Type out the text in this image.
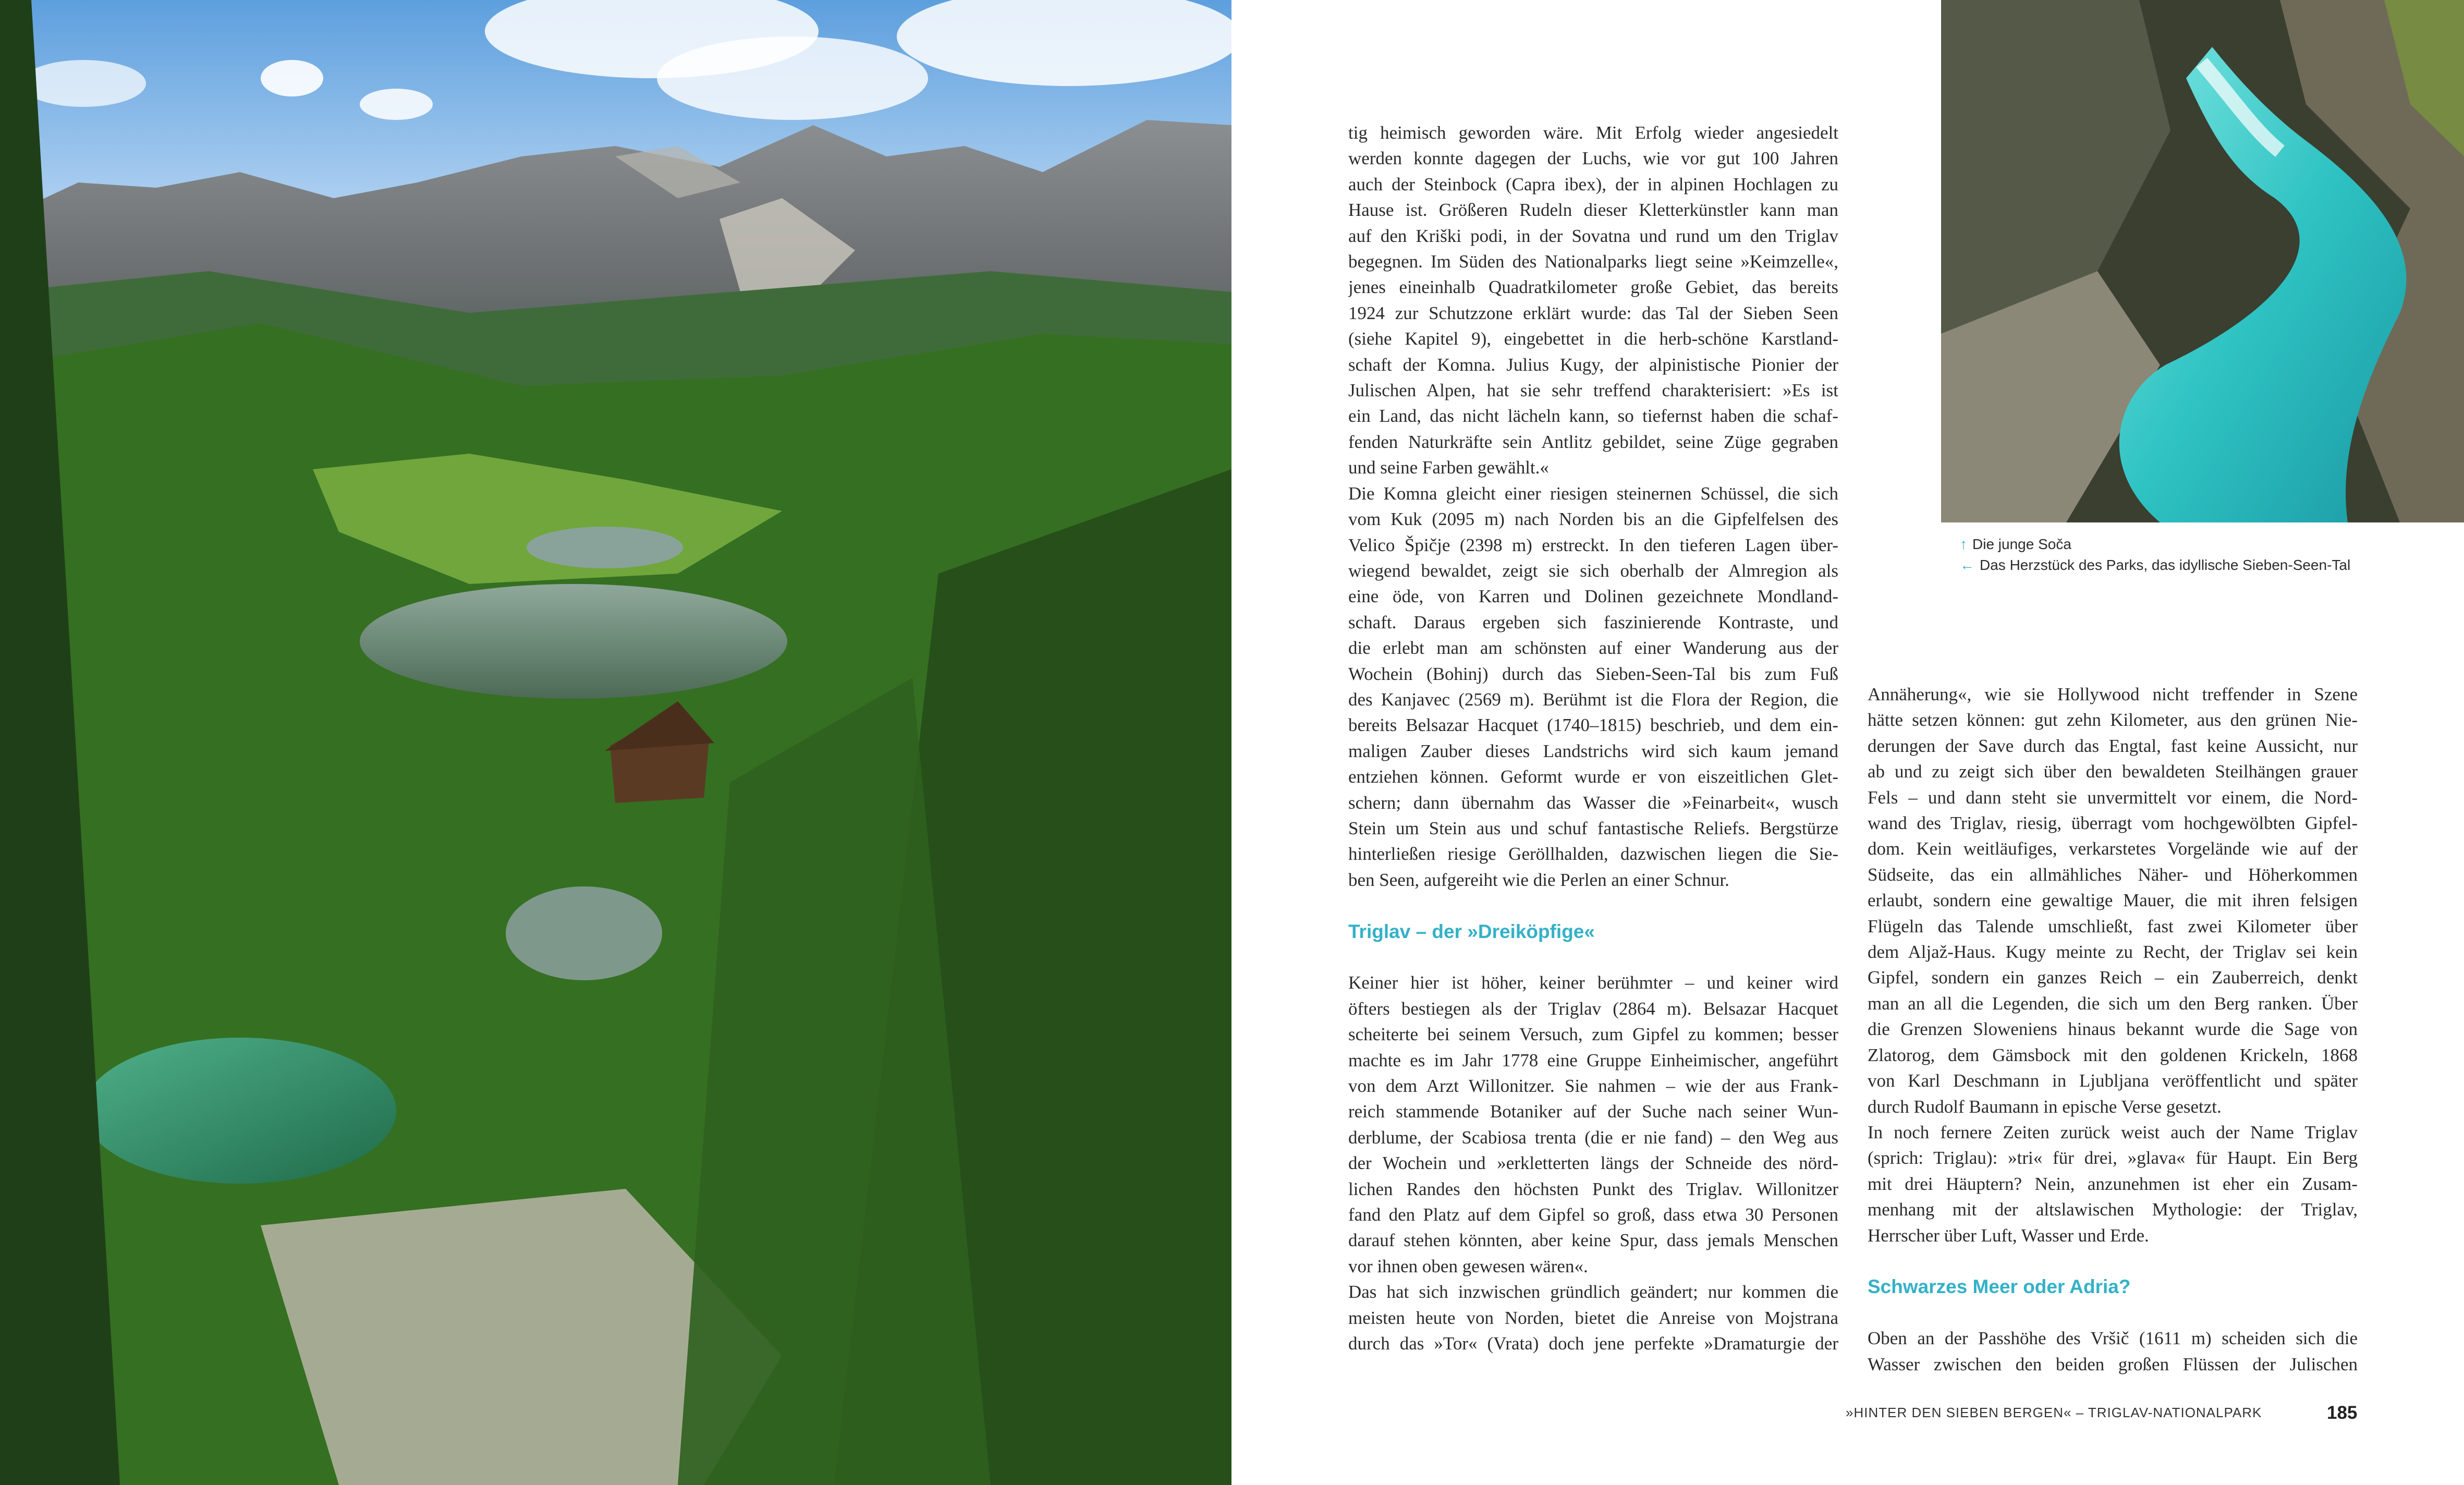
↑ Die junge Soča
← Das Herzstück des Parks, das idyllische Sieben-Seen-Tal
tig heimisch geworden wäre. Mit Erfolg wieder angesiedelt
werden konnte dagegen der Luchs, wie vor gut 100 Jahren
auch der Steinbock (Capra ibex), der in alpinen Hochlagen zu
Hause ist. Größeren Rudeln dieser Kletterkünstler kann man
auf den Kriški podi, in der Sovatna und rund um den Triglav
begegnen. Im Süden des Nationalparks liegt seine »Keimzelle«,
jenes eineinhalb Quadratkilometer große Gebiet, das bereits
1924 zur Schutzzone erklärt wurde: das Tal der Sieben Seen
(siehe Kapitel 9), eingebettet in die herb-schöne Karstland-
schaft der Komna. Julius Kugy, der alpinistische Pionier der
Julischen Alpen, hat sie sehr treffend charakterisiert: »Es ist
ein Land, das nicht lächeln kann, so tiefernst haben die schaf-
fenden Naturkräfte sein Antlitz gebildet, seine Züge gegraben
und seine Farben gewählt.«
Die Komna gleicht einer riesigen steinernen Schüssel, die sich
vom Kuk (2095 m) nach Norden bis an die Gipfelfelsen des
Velico Špičje (2398 m) erstreckt. In den tieferen Lagen über-
wiegend bewaldet, zeigt sie sich oberhalb der Almregion als
eine öde, von Karren und Dolinen gezeichnete Mondland-
schaft. Daraus ergeben sich faszinierende Kontraste, und
die erlebt man am schönsten auf einer Wanderung aus der
Wochein (Bohinj) durch das Sieben-Seen-Tal bis zum Fuß
des Kanjavec (2569 m). Berühmt ist die Flora der Region, die
bereits Belsazar Hacquet (1740–1815) beschrieb, und dem ein-
maligen Zauber dieses Landstrichs wird sich kaum jemand
entziehen können. Geformt wurde er von eiszeitlichen Glet-
schern; dann übernahm das Wasser die »Feinarbeit«, wusch
Stein um Stein aus und schuf fantastische Reliefs. Bergstürze
hinterließen riesige Geröllhalden, dazwischen liegen die Sie-
ben Seen, aufgereiht wie die Perlen an einer Schnur.
Triglav – der »Dreiköpfige«
Keiner hier ist höher, keiner berühmter – und keiner wird
öfters bestiegen als der Triglav (2864 m). Belsazar Hacquet
scheiterte bei seinem Versuch, zum Gipfel zu kommen; besser
machte es im Jahr 1778 eine Gruppe Einheimischer, angeführt
von dem Arzt Willonitzer. Sie nahmen – wie der aus Frank-
reich stammende Botaniker auf der Suche nach seiner Wun-
derblume, der Scabiosa trenta (die er nie fand) – den Weg aus
der Wochein und »erkletterten längs der Schneide des nörd-
lichen Randes den höchsten Punkt des Triglav. Willonitzer
fand den Platz auf dem Gipfel so groß, dass etwa 30 Personen
darauf stehen könnten, aber keine Spur, dass jemals Menschen
vor ihnen oben gewesen wären«.
Das hat sich inzwischen gründlich geändert; nur kommen die
meisten heute von Norden, bietet die Anreise von Mojstrana
durch das »Tor« (Vrata) doch jene perfekte »Dramaturgie der
Annäherung«, wie sie Hollywood nicht treffender in Szene
hätte setzen können: gut zehn Kilometer, aus den grünen Nie-
derungen der Save durch das Engtal, fast keine Aussicht, nur
ab und zu zeigt sich über den bewaldeten Steilhängen grauer
Fels – und dann steht sie unvermittelt vor einem, die Nord-
wand des Triglav, riesig, überragt vom hochgewölbten Gipfel-
dom. Kein weitläufiges, verkarstetes Vorgelände wie auf der
Südseite, das ein allmähliches Näher- und Höherkommen
erlaubt, sondern eine gewaltige Mauer, die mit ihren felsigen
Flügeln das Talende umschließt, fast zwei Kilometer über
dem Aljaž-Haus. Kugy meinte zu Recht, der Triglav sei kein
Gipfel, sondern ein ganzes Reich – ein Zauberreich, denkt
man an all die Legenden, die sich um den Berg ranken. Über
die Grenzen Sloweniens hinaus bekannt wurde die Sage von
Zlatorog, dem Gämsbock mit den goldenen Krickeln, 1868
von Karl Deschmann in Ljubljana veröffentlicht und später
durch Rudolf Baumann in epische Verse gesetzt.
In noch fernere Zeiten zurück weist auch der Name Triglav
(sprich: Triglau): »tri« für drei, »glava« für Haupt. Ein Berg
mit drei Häuptern? Nein, anzunehmen ist eher ein Zusam-
menhang mit der altslawischen Mythologie: der Triglav,
Herrscher über Luft, Wasser und Erde.
Schwarzes Meer oder Adria?
Oben an der Passhöhe des Vršič (1611 m) scheiden sich die
Wasser zwischen den beiden großen Flüssen der Julischen
»HINTER DEN SIEBEN BERGEN« – TRIGLAV-NATIONALPARK	185
